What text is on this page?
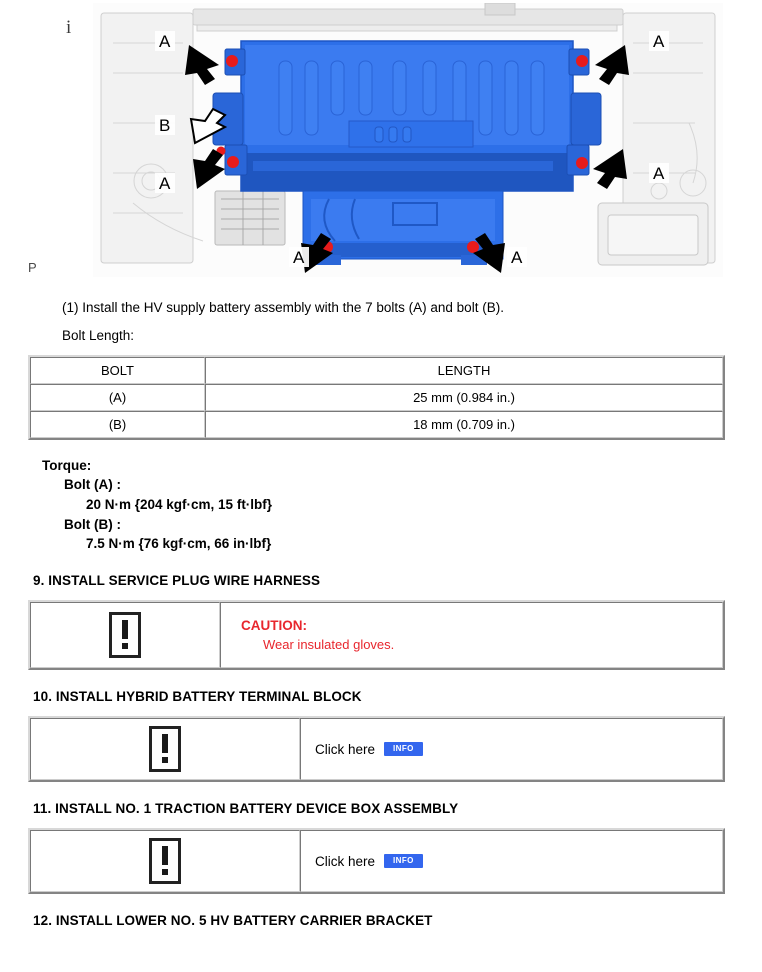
i
P
A	A
A
A
A	A
B
(1) Install the HV supply battery assembly with the 7 bolts (A) and bolt (B).
Bolt Length:
BOLT	LENGTH
(A)	25 mm (0.984 in.)
(B)	18 mm (0.709 in.)
Torque:
Bolt (A) :
20 N·m {204 kgf·cm, 15 ft·lbf}
Bolt (B) :
7.5 N·m {76 kgf·cm, 66 in·lbf}
9. INSTALL SERVICE PLUG WIRE HARNESS

CAUTION:
Wear insulated gloves.
10. INSTALL HYBRID BATTERY TERMINAL BLOCK

Click here	INFO
11. INSTALL NO. 1 TRACTION BATTERY DEVICE BOX ASSEMBLY

Click here	INFO
12. INSTALL LOWER NO. 5 HV BATTERY CARRIER BRACKET
